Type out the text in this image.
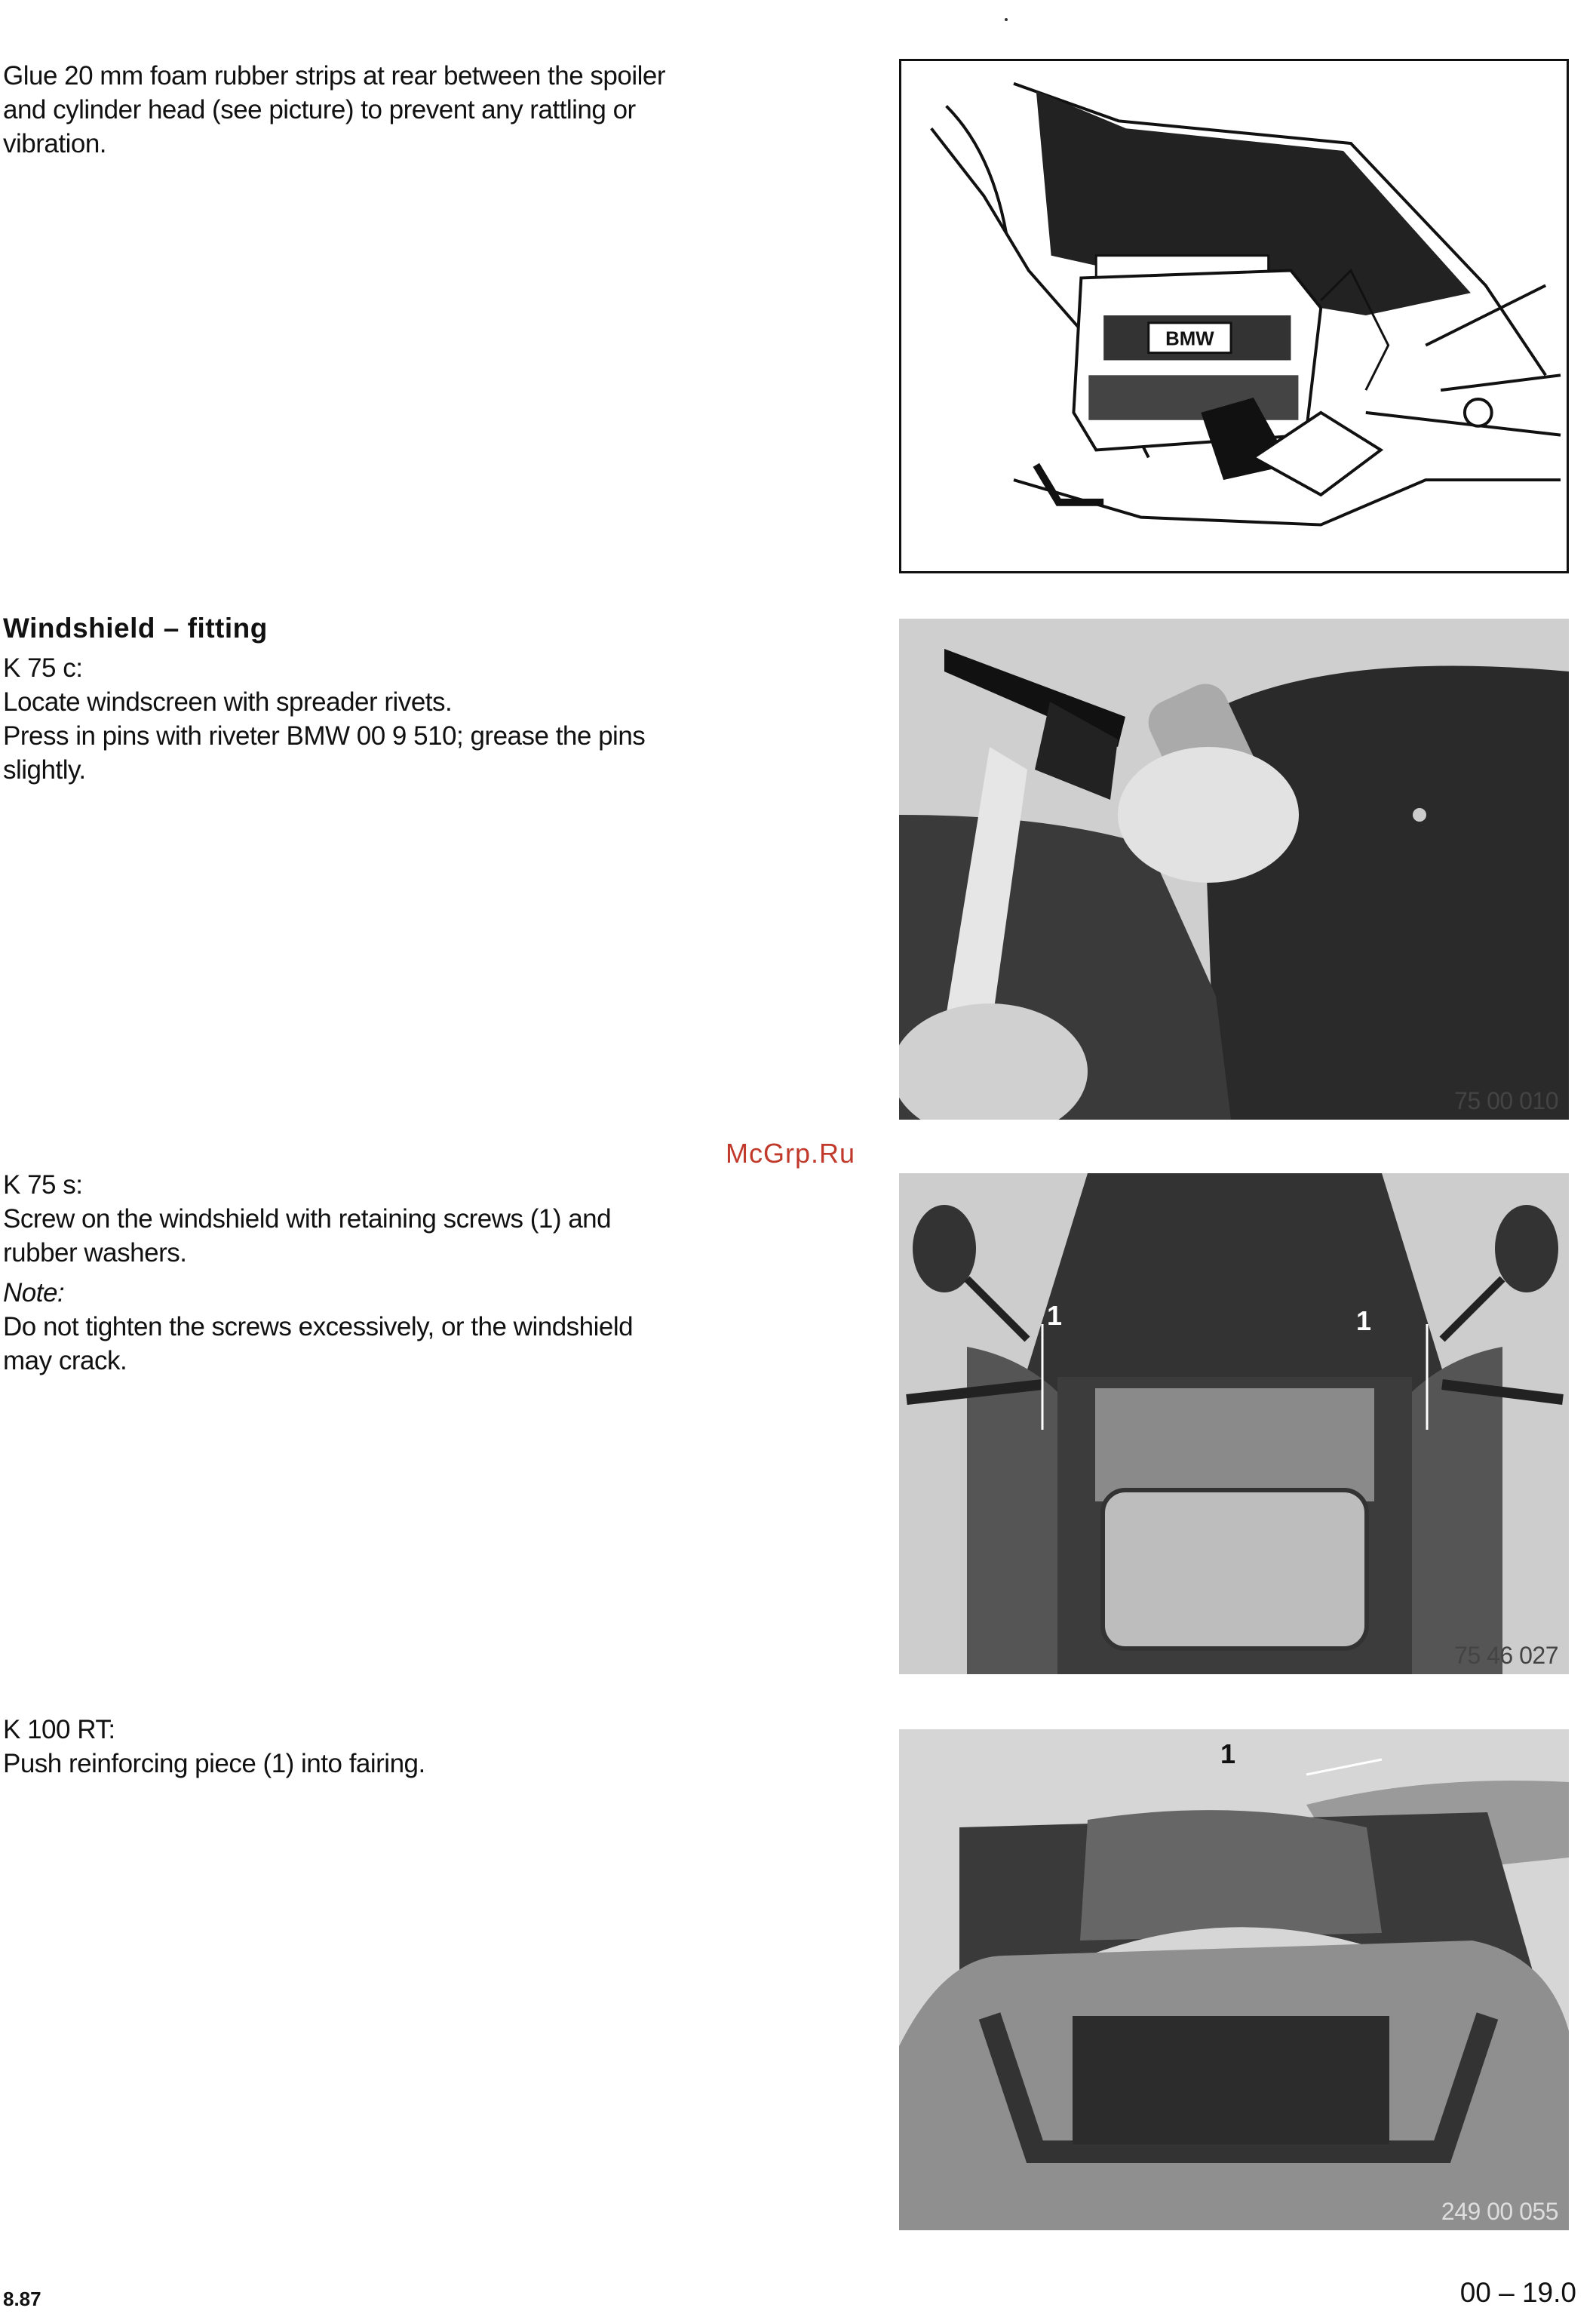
Glue 20 mm foam rubber strips at rear between the spoiler

and cylinder head (see picture) to prevent any rattling or

vibration.

BMW

Windshield – fitting

K 75 c:

Locate windscreen with spreader rivets.

Press in pins with riveter BMW 00 9 510; grease the pins

slightly.

75 00 010
McGrp.Ru

K 75 s:

Screw on the windshield with retaining screws (1) and

rubber washers.

Note:

Do not tighten the screws excessively, or the windshield

may crack.

1	1
75 46 027

K 100 RT:

Push reinforcing piece (1) into fairing.	1
249 00 055
8.87	00 – 19.0
